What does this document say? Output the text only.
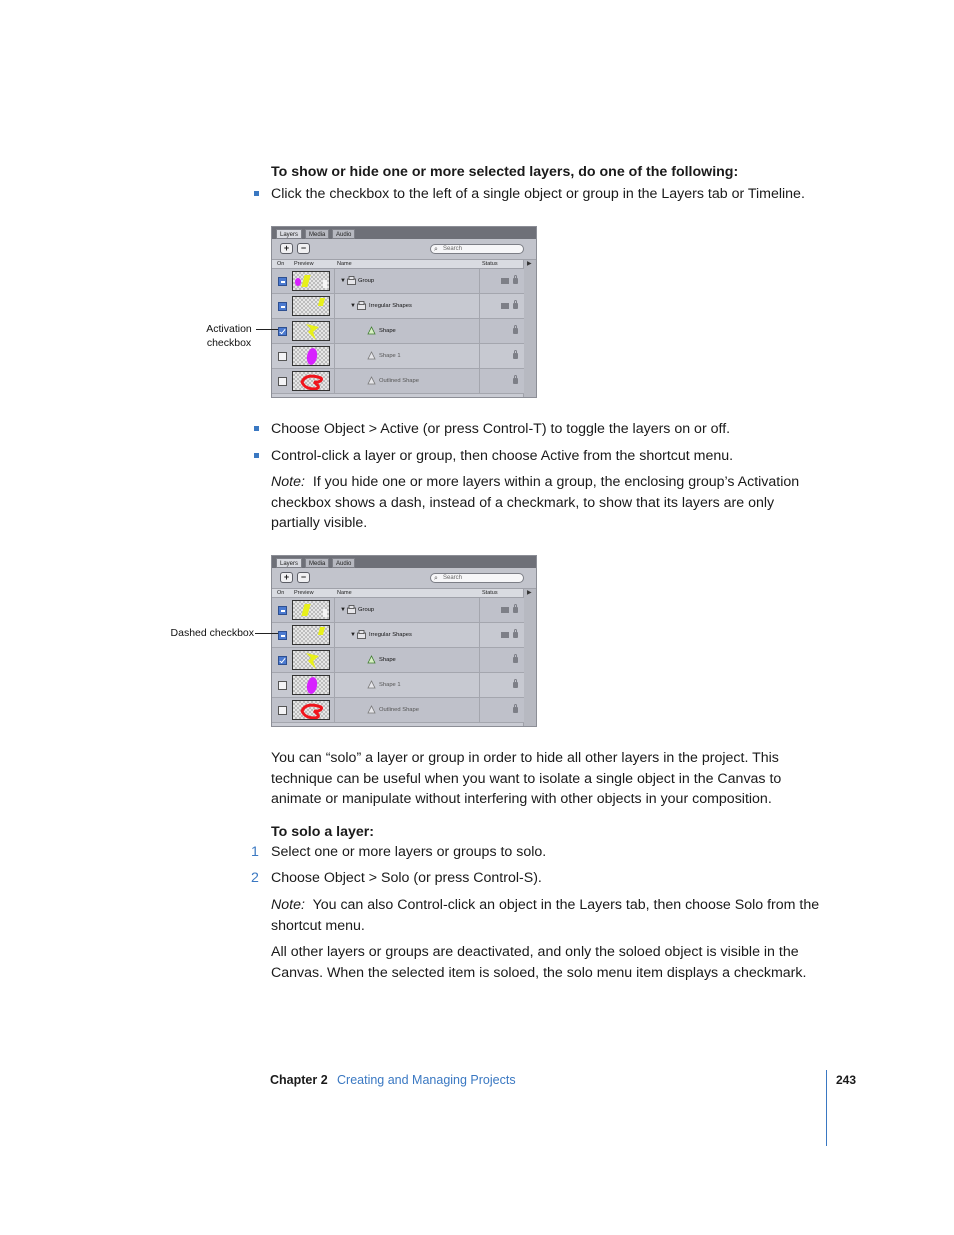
To show or hide one or more selected layers, do one of the following:
Click the checkbox to the left of a single object or group in the Layers tab or Timeline.
Layers	Media	Audio
+	−	⌕ Search
On Preview	Name	Status	▶
▼ Group
▼ Irregular Shapes
Shape
Shape 1
Outlined Shape
Activation
checkbox
Choose Object > Active (or press Control-T) to toggle the layers on or off.
Control-click a layer or group, then choose Active from the shortcut menu.
Note: If you hide one or more layers within a group, the enclosing group’s Activation
checkbox shows a dash, instead of a checkmark, to show that its layers are only
partially visible.
Layers	Media	Audio
+	−	⌕ Search
On Preview	Name	Status	▶
▼ Group
▼ Irregular Shapes
Shape
Shape 1
Outlined Shape
Dashed checkbox
You can “solo” a layer or group in order to hide all other layers in the project. This
technique can be useful when you want to isolate a single object in the Canvas to
animate or manipulate without interfering with other objects in your composition.
To solo a layer:
1 Select one or more layers or groups to solo.
2 Choose Object > Solo (or press Control-S).
Note: You can also Control-click an object in the Layers tab, then choose Solo from the
shortcut menu.
All other layers or groups are deactivated, and only the soloed object is visible in the
Canvas. When the selected item is soloed, the solo menu item displays a checkmark.
Chapter 2 Creating and Managing Projects	243
